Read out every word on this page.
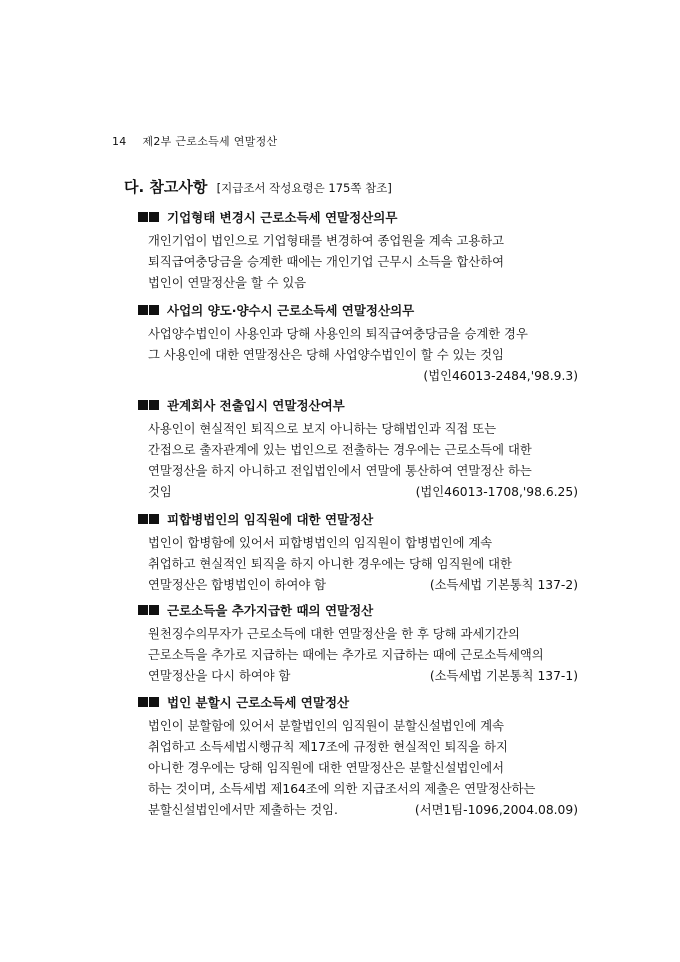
14 제2부 근로소득세 연말정산
다. 참고사항 [지급조서 작성요령은 175쪽 참조]
기업형태 변경시 근로소득세 연말정산의무
개인기업이 법인으로 기업형태를 변경하여 종업원을 계속 고용하고
퇴직급여충당금을 승계한 때에는 개인기업 근무시 소득을 합산하여
법인이 연말정산을 할 수 있음
사업의 양도·양수시 근로소득세 연말정산의무
사업양수법인이 사용인과 당해 사용인의 퇴직급여충당금을 승계한 경우
그 사용인에 대한 연말정산은 당해 사업양수법인이 할 수 있는 것임
(법인46013-2484,'98.9.3)
관계회사 전출입시 연말정산여부
사용인이 현실적인 퇴직으로 보지 아니하는 당해법인과 직접 또는
간접으로 출자관계에 있는 법인으로 전출하는 경우에는 근로소득에 대한
연말정산을 하지 아니하고 전입법인에서 연말에 통산하여 연말정산 하는
것임	(법인46013-1708,'98.6.25)
피합병법인의 임직원에 대한 연말정산
법인이 합병함에 있어서 피합병법인의 임직원이 합병법인에 계속
취업하고 현실적인 퇴직을 하지 아니한 경우에는 당해 임직원에 대한
연말정산은 합병법인이 하여야 함	(소득세법 기본통칙 137-2)
근로소득을 추가지급한 때의 연말정산
원천징수의무자가 근로소득에 대한 연말정산을 한 후 당해 과세기간의
근로소득을 추가로 지급하는 때에는 추가로 지급하는 때에 근로소득세액의
연말정산을 다시 하여야 함	(소득세법 기본통칙 137-1)
법인 분할시 근로소득세 연말정산
법인이 분할함에 있어서 분할법인의 임직원이 분할신설법인에 계속
취업하고 소득세법시행규칙 제17조에 규정한 현실적인 퇴직을 하지
아니한 경우에는 당해 임직원에 대한 연말정산은 분할신설법인에서
하는 것이며, 소득세법 제164조에 의한 지급조서의 제출은 연말정산하는
분할신설법인에서만 제출하는 것임.	(서면1팀-1096,2004.08.09)
